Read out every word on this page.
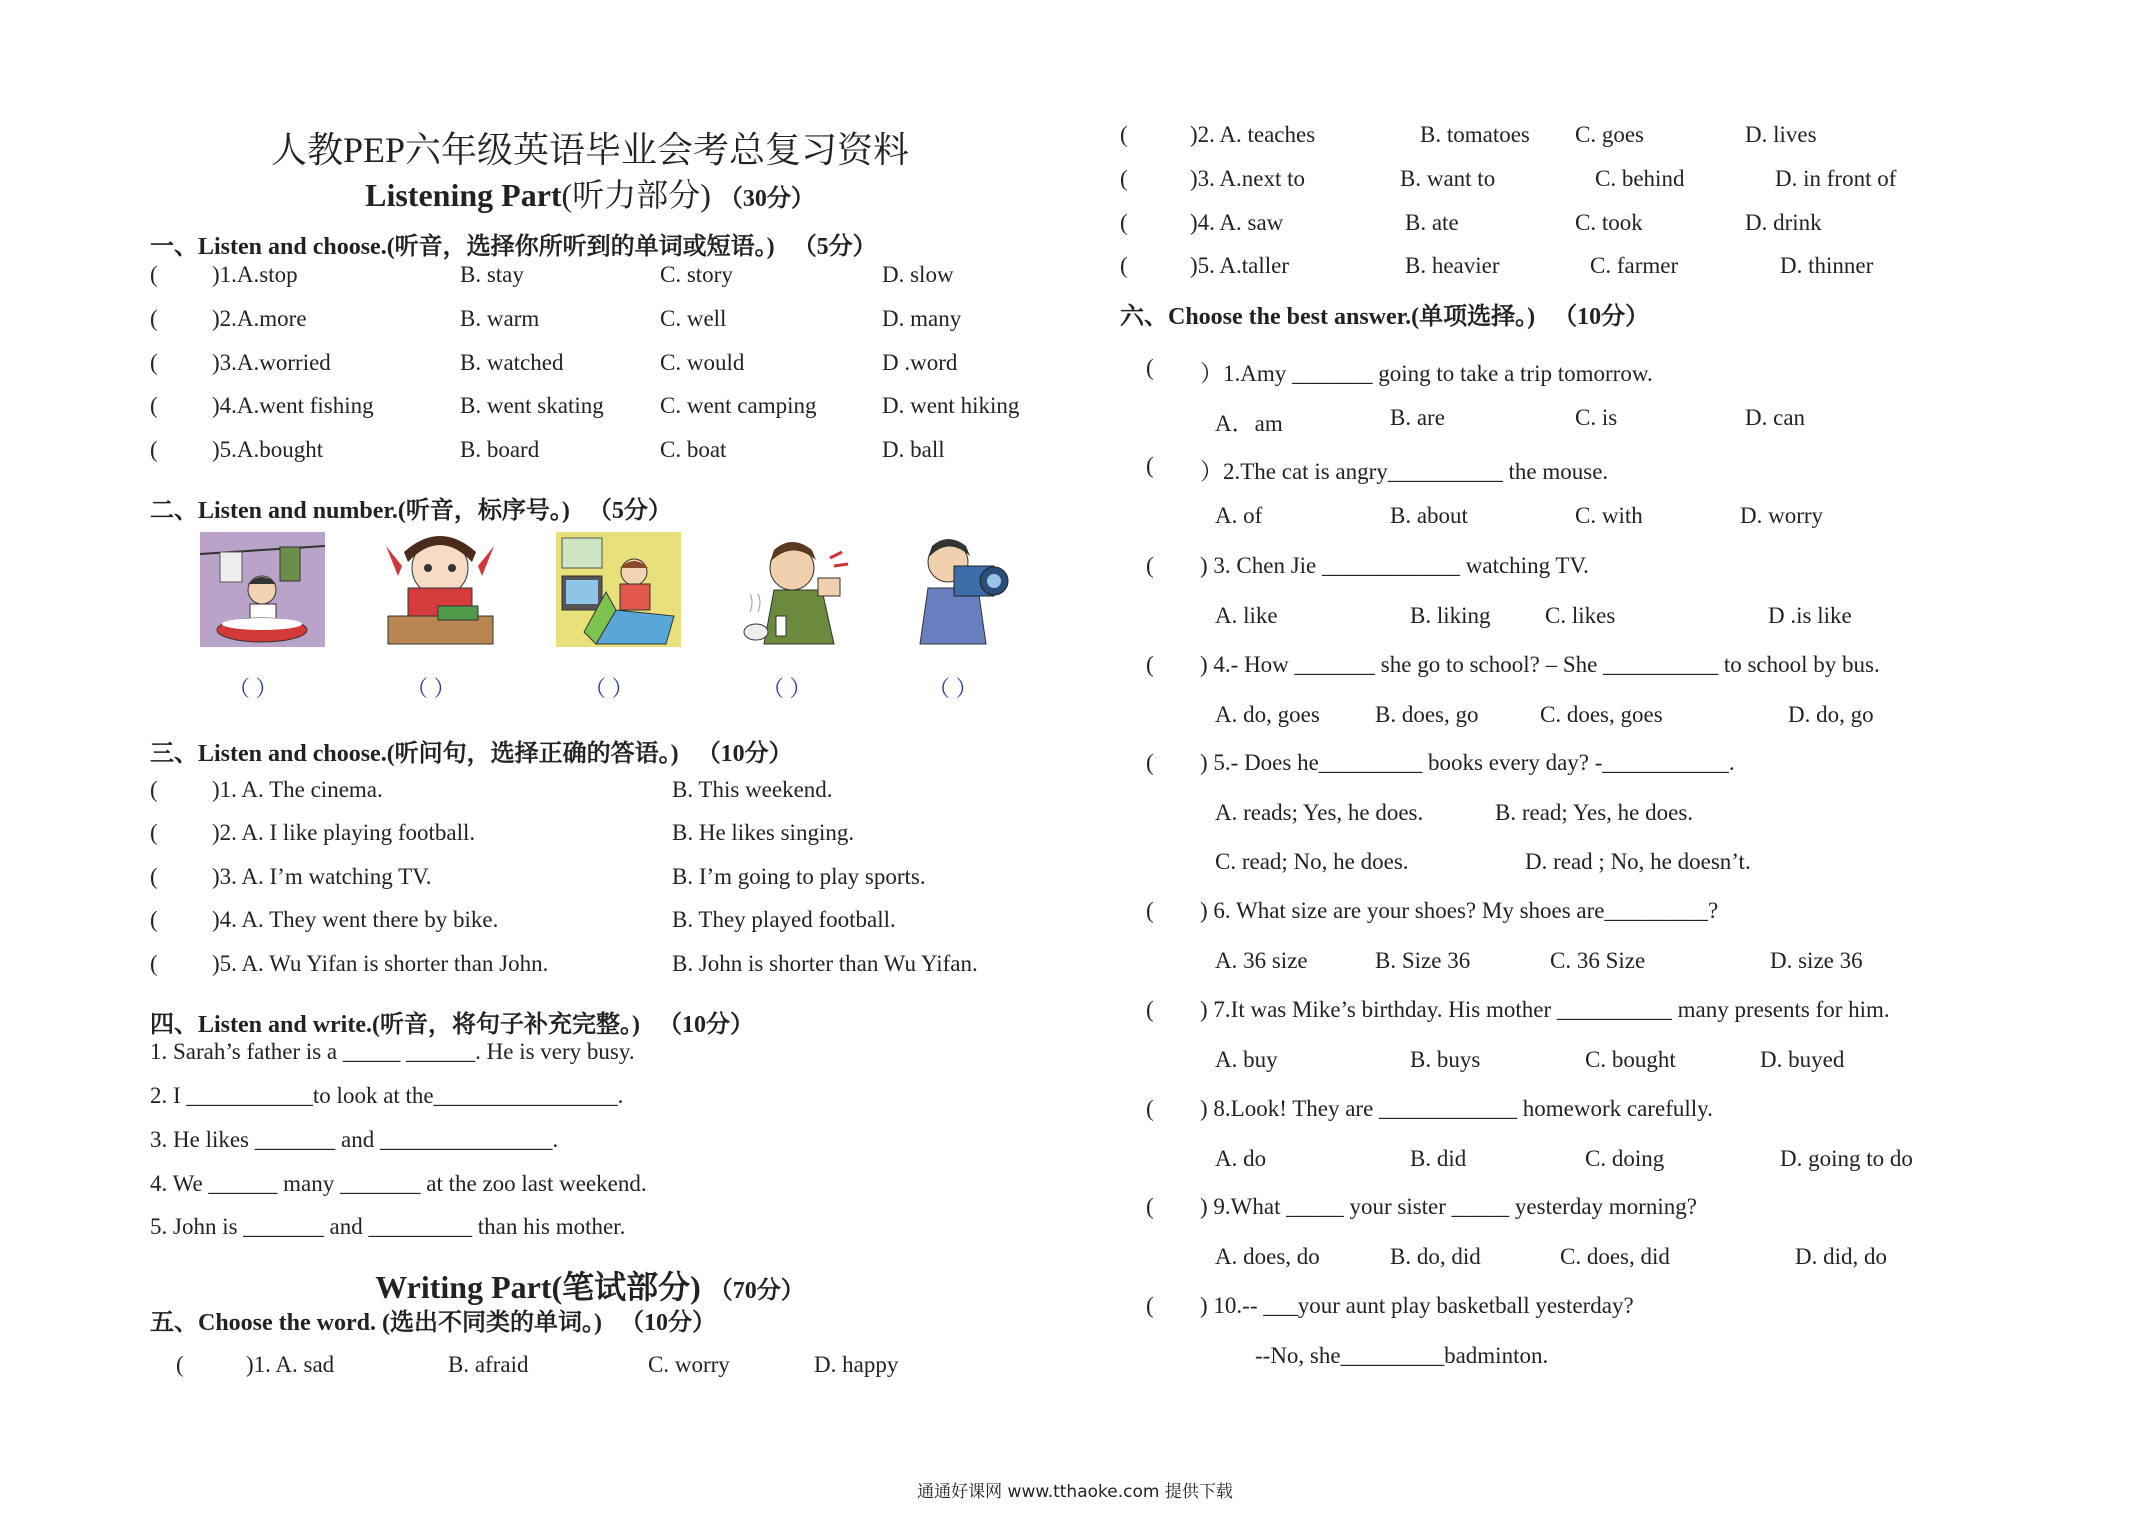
人教PEP六年级英语毕业会考总复习资料
Listening Part(听力部分) （30分）
一、Listen and choose.(听音，选择你所听到的单词或短语。) （5分）
( )1.A.stop	B. stay	C. story	D. slow
( )2.A.more	B. warm	C. well	D. many
( )3.A.worried	B. watched	C. would	D .word
( )4.A.went fishing	B. went skating C. went camping	D. went hiking
( )5.A.bought	B. board	C. boat	D. ball
二、Listen and number.(听音，标序号。) （5分）
（ ）	（ ）	（ ）	（ ）	（ ）
三、Listen and choose.(听问句，选择正确的答语。) （10分）
( )1. A. The cinema.	B. This weekend.
( )2. A. I like playing football.	B. He likes singing.
( )3. A. I’m watching TV.	B. I’m going to play sports.
( )4. A. They went there by bike.	B. They played football.
( )5. A. Wu Yifan is shorter than John.	B. John is shorter than Wu Yifan.
四、Listen and write.(听音，将句子补充完整。) （10分）
1. Sarah’s father is a _____ ______. He is very busy.
2. I ___________to look at the________________.
3. He likes _______ and _______________.
4. We ______ many _______ at the zoo last weekend.
5. John is _______ and _________ than his mother.
Writing Part(笔试部分) （70分）
五、Choose the word. (选出不同类的单词。) （10分）
(	)1. A. sad	B. afraid	C. worry	D. happy
(	)2. A. teaches	B. tomatoes C. goes	D. lives
(	)3. A.next to	B. want to	C. behind	D. in front of
(	)4. A. saw	B. ate	C. took	D. drink
(	)5. A.taller	B. heavier	C. farmer	D. thinner
六、Choose the best answer.(单项选择。) （10分）
( ）1.Amy _______ going to take a trip tomorrow.
A．am	B. are	C. is	D. can
( ）2.The cat is angry__________ the mouse.
A. of	B. about	C. with	D. worry
( ) 3. Chen Jie ____________ watching TV.
A. like	B. liking C. likes	D .is like
( ) 4.- How _______ she go to school? – She __________ to school by bus.
A. do, goes B. does, go	C. does, goes	D. do, go
( ) 5.- Does he_________ books every day? -___________.
A. reads; Yes, he does.	B. read; Yes, he does.
C. read; No, he does.	D. read ; No, he doesn’t.
( ) 6. What size are your shoes? My shoes are_________?
A. 36 size	B. Size 36	C. 36 Size	D. size 36
( ) 7.It was Mike’s birthday. His mother __________ many presents for him.
A. buy	B. buys	C. bought	D. buyed
( ) 8.Look! They are ____________ homework carefully.
A. do	B. did	C. doing	D. going to do
( ) 9.What _____ your sister _____ yesterday morning?
A. does, do	B. do, did	C. does, did	D. did, do
( ) 10.-- ___your aunt play basketball yesterday?
--No, she_________badminton.
通通好课网 www.tthaoke.com 提供下载
